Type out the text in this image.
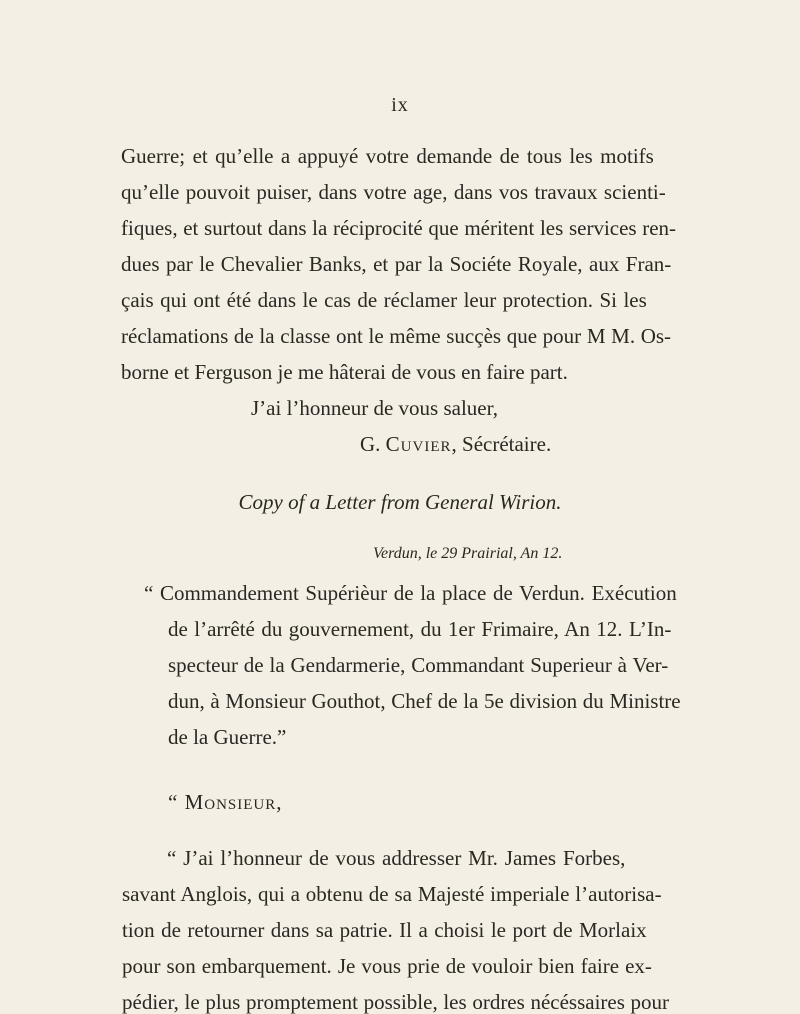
ix
Guerre; et qu’elle a appuyé votre demande de tous les motifs
qu’elle pouvoit puiser, dans votre age, dans vos travaux scienti-
fiques, et surtout dans la réciprocité que méritent les services ren-
dues par le Chevalier Banks, et par la Sociéte Royale, aux Fran-
çais qui ont été dans le cas de réclamer leur protection. Si les
réclamations de la classe ont le même sucçès que pour M M. Os-
borne et Ferguson je me hâterai de vous en faire part.
J’ai l’honneur de vous saluer,
G. Cuvier, Sécrétaire.
Copy of a Letter from General Wirion.
Verdun, le 29 Prairial, An 12.
“ Commandement Supérièur de la place de Verdun. Exécution
de l’arrêté du gouvernement, du 1er Frimaire, An 12. L’In-
specteur de la Gendarmerie, Commandant Superieur à Ver-
dun, à Monsieur Gouthot, Chef de la 5e division du Ministre
de la Guerre.”
“ Monsieur,
“ J’ai l’honneur de vous addresser Mr. James Forbes,
savant Anglois, qui a obtenu de sa Majesté imperiale l’autorisa-
tion de retourner dans sa patrie. Il a choisi le port de Morlaix
pour son embarquement. Je vous prie de vouloir bien faire ex-
pédier, le plus promptement possible, les ordres nécéssaires pour
